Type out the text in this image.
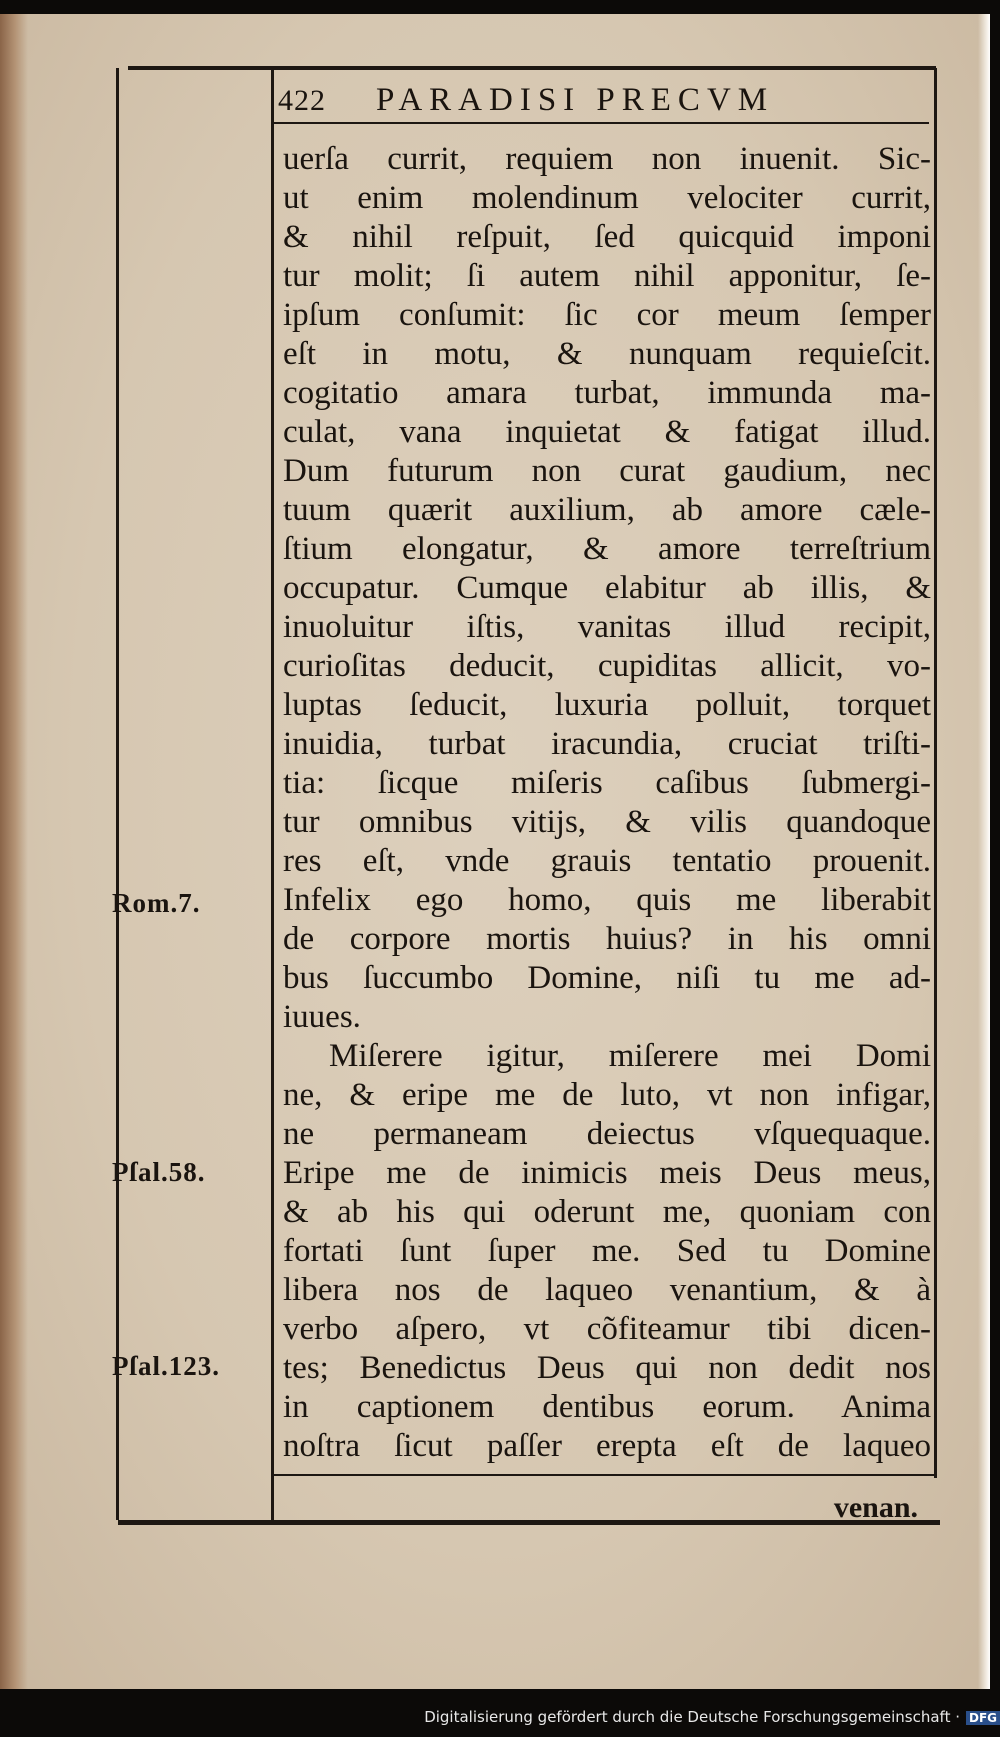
422 PARADISI PRECVM
uerſa currit, requiem non inuenit. Sic-
ut enim molendinum velociter currit,
& nihil reſpuit, ſed quicquid imponi
tur molit; ſi autem nihil apponitur, ſe-
ipſum conſumit: ſic cor meum ſemper
eſt in motu, & nunquam requieſcit.
cogitatio amara turbat, immunda ma-
culat, vana inquietat & fatigat illud.
Dum futurum non curat gaudium, nec
tuum quærit auxilium, ab amore cæle-
ſtium elongatur, & amore terreſtrium
occupatur. Cumque elabitur ab illis, &
inuoluitur iſtis, vanitas illud recipit,
curioſitas deducit, cupiditas allicit, vo-
luptas ſeducit, luxuria polluit, torquet
inuidia, turbat iracundia, cruciat triſti-
tia: ſicque miſeris caſibus ſubmergi-
tur omnibus vitijs, & vilis quandoque
res eſt, vnde grauis tentatio prouenit.
Infelix ego homo, quis me liberabit
de corpore mortis huius? in his omni
bus ſuccumbo Domine, niſi tu me ad-
iuues.
Miſerere igitur, miſerere mei Domi
ne, & eripe me de luto, vt non infigar,
ne permaneam deiectus vſquequaque.
Eripe me de inimicis meis Deus meus,
& ab his qui oderunt me, quoniam con
fortati ſunt ſuper me. Sed tu Domine
libera nos de laqueo venantium, & à
verbo aſpero, vt cõfiteamur tibi dicen-
tes; Benedictus Deus qui non dedit nos
in captionem dentibus eorum. Anima
noſtra ſicut paſſer erepta eſt de laqueo
Rom.7.
Pſal.58.
Pſal.123.
venan.
Digitalisierung gefördert durch die Deutsche Forschungsgemeinschaft · DFG
